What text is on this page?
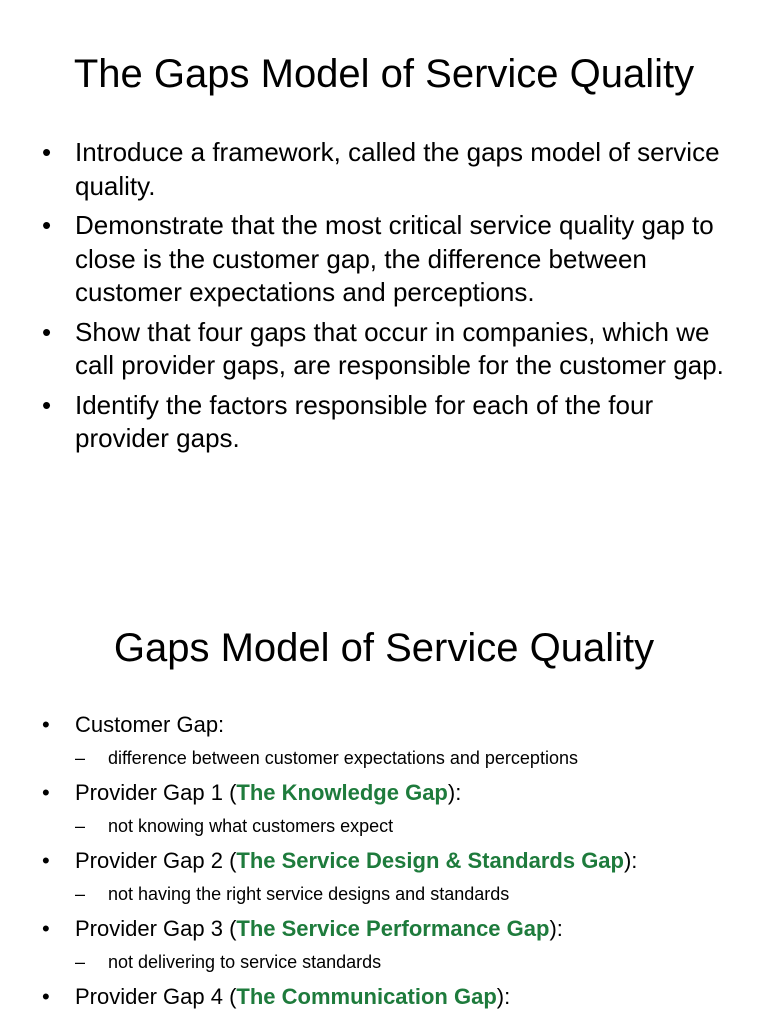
The Gaps Model of Service Quality
• Introduce a framework, called the gaps model of service quality.
• Demonstrate that the most critical service quality gap to close is the customer gap, the difference between customer expectations and perceptions.
• Show that four gaps that occur in companies, which we call provider gaps, are responsible for the customer gap.
• Identify the factors responsible for each of the four provider gaps.
Gaps Model of Service Quality
• Customer Gap:
– difference between customer expectations and perceptions
• Provider Gap 1 (The Knowledge Gap):
– not knowing what customers expect
• Provider Gap 2 (The Service Design & Standards Gap):
– not having the right service designs and standards
• Provider Gap 3 (The Service Performance Gap):
– not delivering to service standards
• Provider Gap 4 (The Communication Gap):
